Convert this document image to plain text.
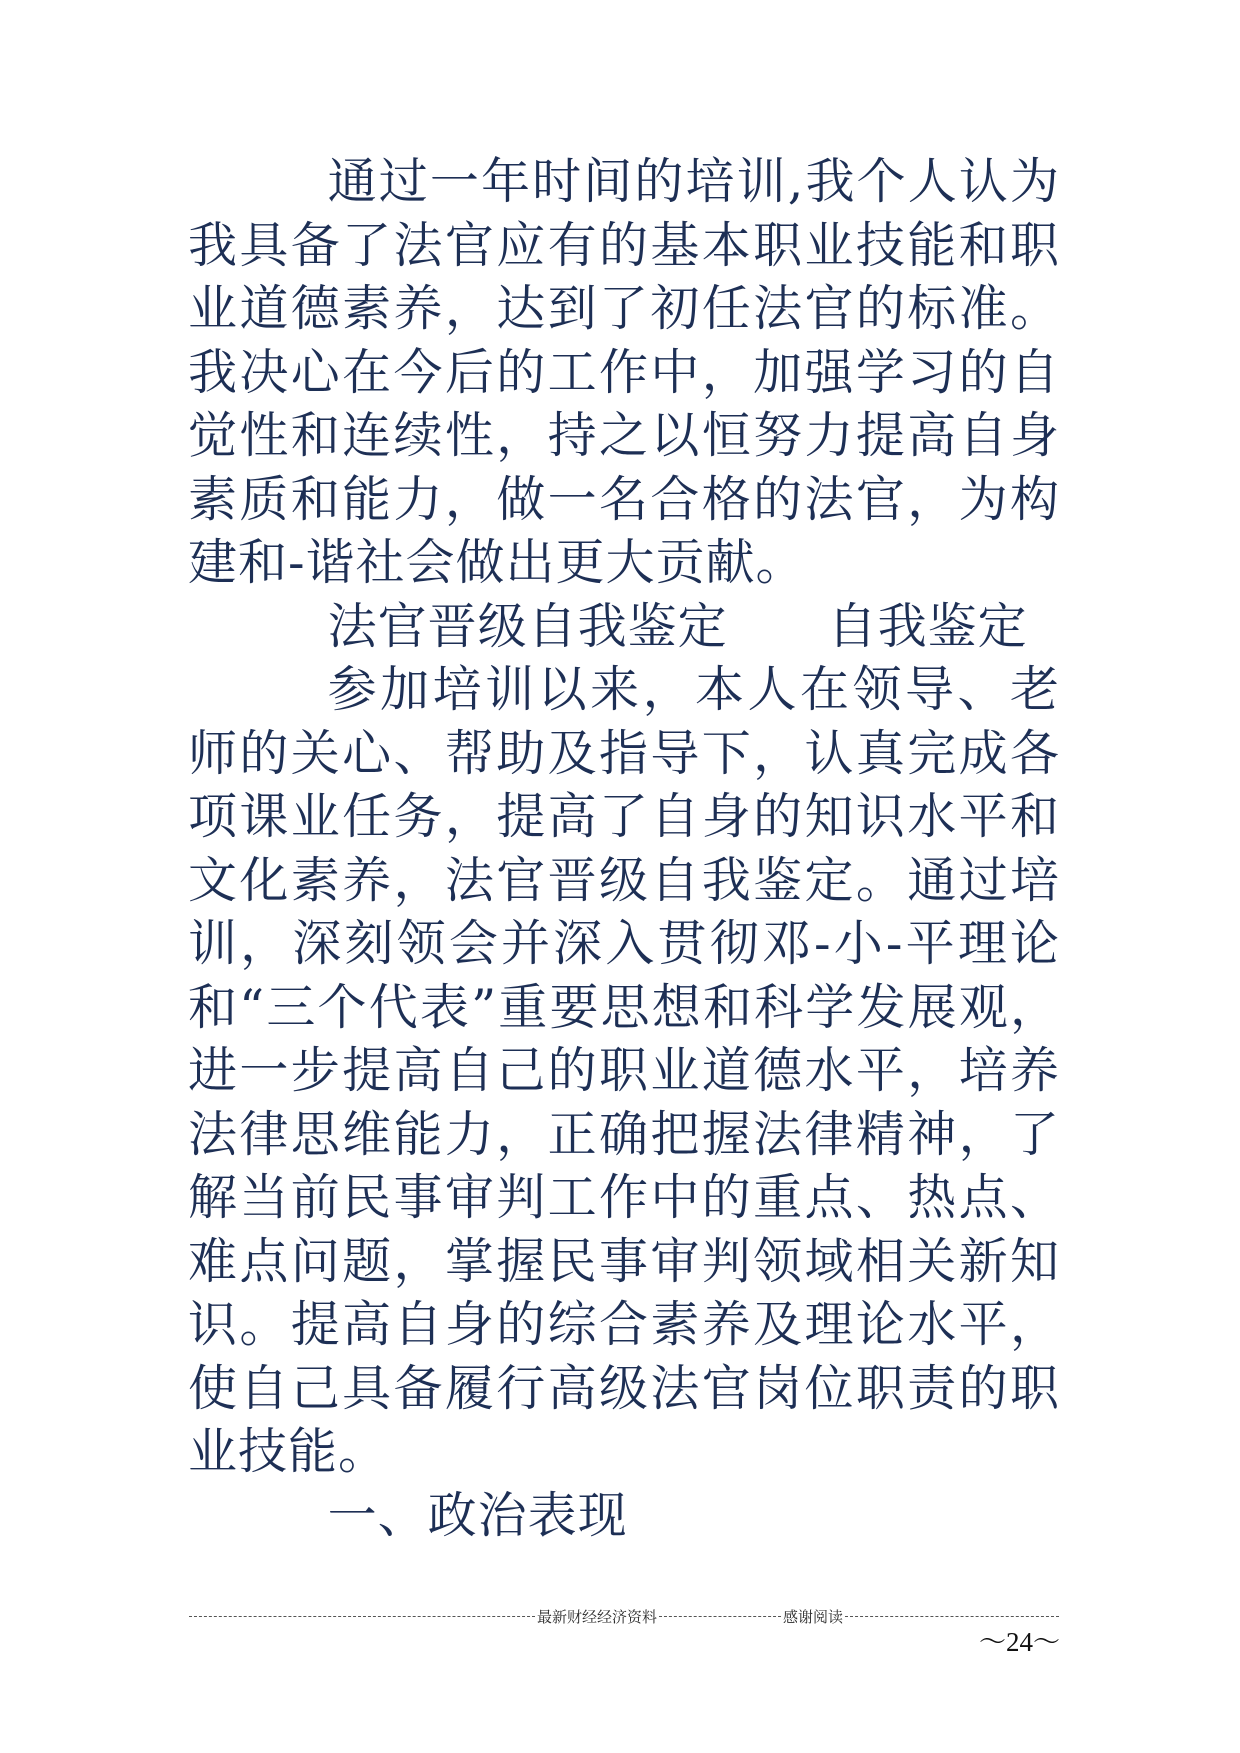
通过一年时间的培训,我个人认为我具备了法官应有的基本职业技能和职业道德素养，达到了初任法官的标准。我决心在今后的工作中，加强学习的自觉性和连续性，持之以恒努力提高自身素质和能力，做一名合格的法官，为构建和-谐社会做出更大贡献。

法官晋级自我鉴定　　自我鉴定

参加培训以来，本人在领导、老师的关心、帮助及指导下，认真完成各项课业任务，提高了自身的知识水平和文化素养，法官晋级自我鉴定。通过培训，深刻领会并深入贯彻邓-小-平理论和“三个代表”重要思想和科学发展观，进一步提高自己的职业道德水平，培养法律思维能力，正确把握法律精神，了解当前民事审判工作中的重点、热点、难点问题，掌握民事审判领域相关新知识。提高自身的综合素养及理论水平，使自己具备履行高级法官岗位职责的职业技能。

一、政治表现

最新财经经济资料	感谢阅读
～24～
